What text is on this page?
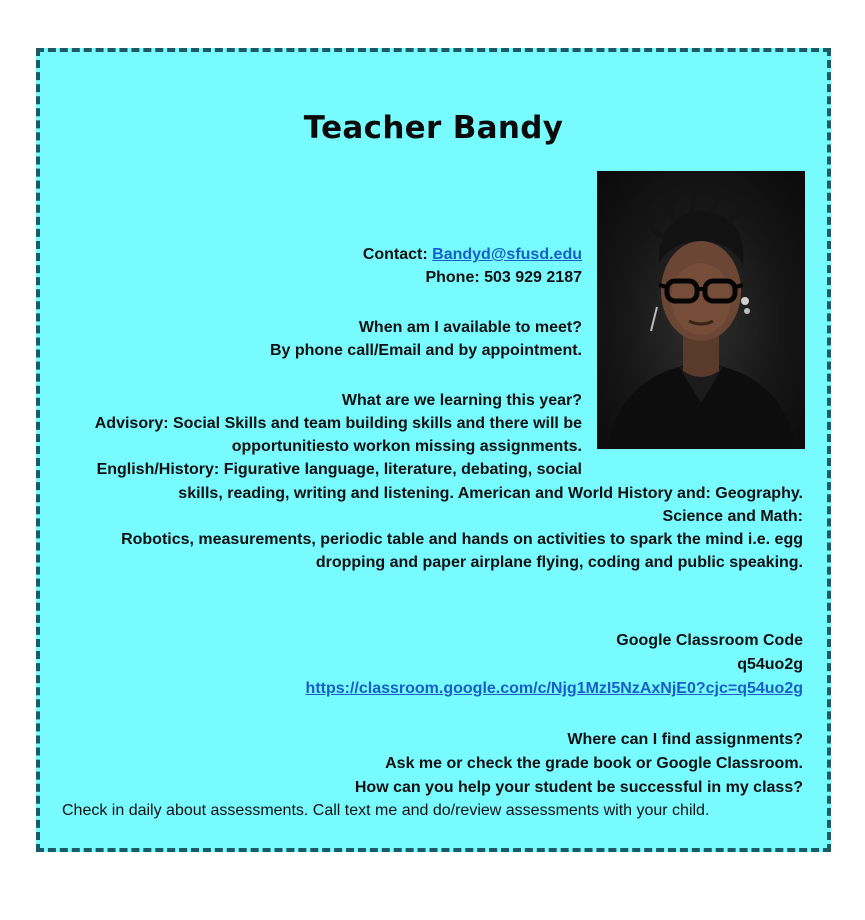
Teacher Bandy
Contact: Bandyd@sfusd.edu
Phone: 503 929 2187
When am I available to meet?
By phone call/Email and by appointment.
What are we learning this year?
Advisory: Social Skills and team building skills and there will be
opportunitiesto workon missing assignments.
English/History: Figurative language, literature, debating, social
skills, reading, writing and listening. American and World History and: Geography.
Science and Math:
Robotics, measurements, periodic table and hands on activities to spark the mind i.e. egg
dropping and paper airplane flying, coding and public speaking.
Google Classroom Code
q54uo2g
https://classroom.google.com/c/Njg1MzI5NzAxNjE0?cjc=q54uo2g
Where can I find assignments?
Ask me or check the grade book or Google Classroom.
How can you help your student be successful in my class?
Check in daily about assessments. Call text me and do/review assessments with your child.
